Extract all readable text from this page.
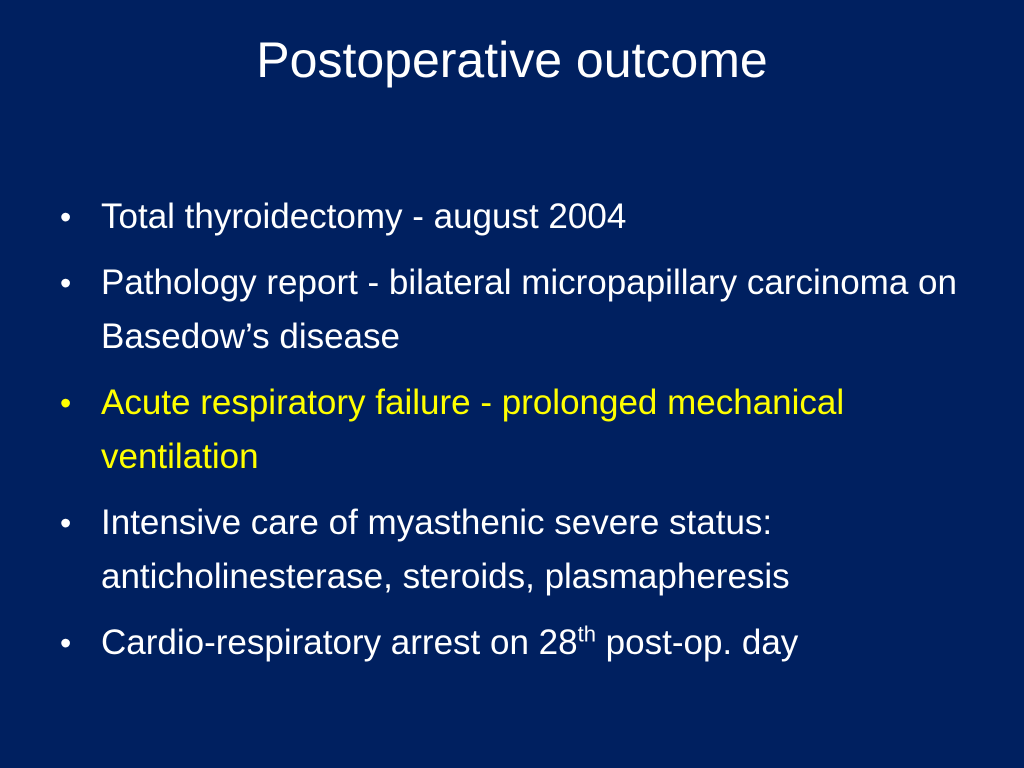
Postoperative outcome
• Total thyroidectomy - august 2004
• Pathology report - bilateral micropapillary carcinoma on Basedow’s disease
• Acute respiratory failure - prolonged mechanical ventilation
• Intensive care of myasthenic severe status: anticholinesterase, steroids, plasmapheresis
• Cardio-respiratory arrest on 28th post-op. day
